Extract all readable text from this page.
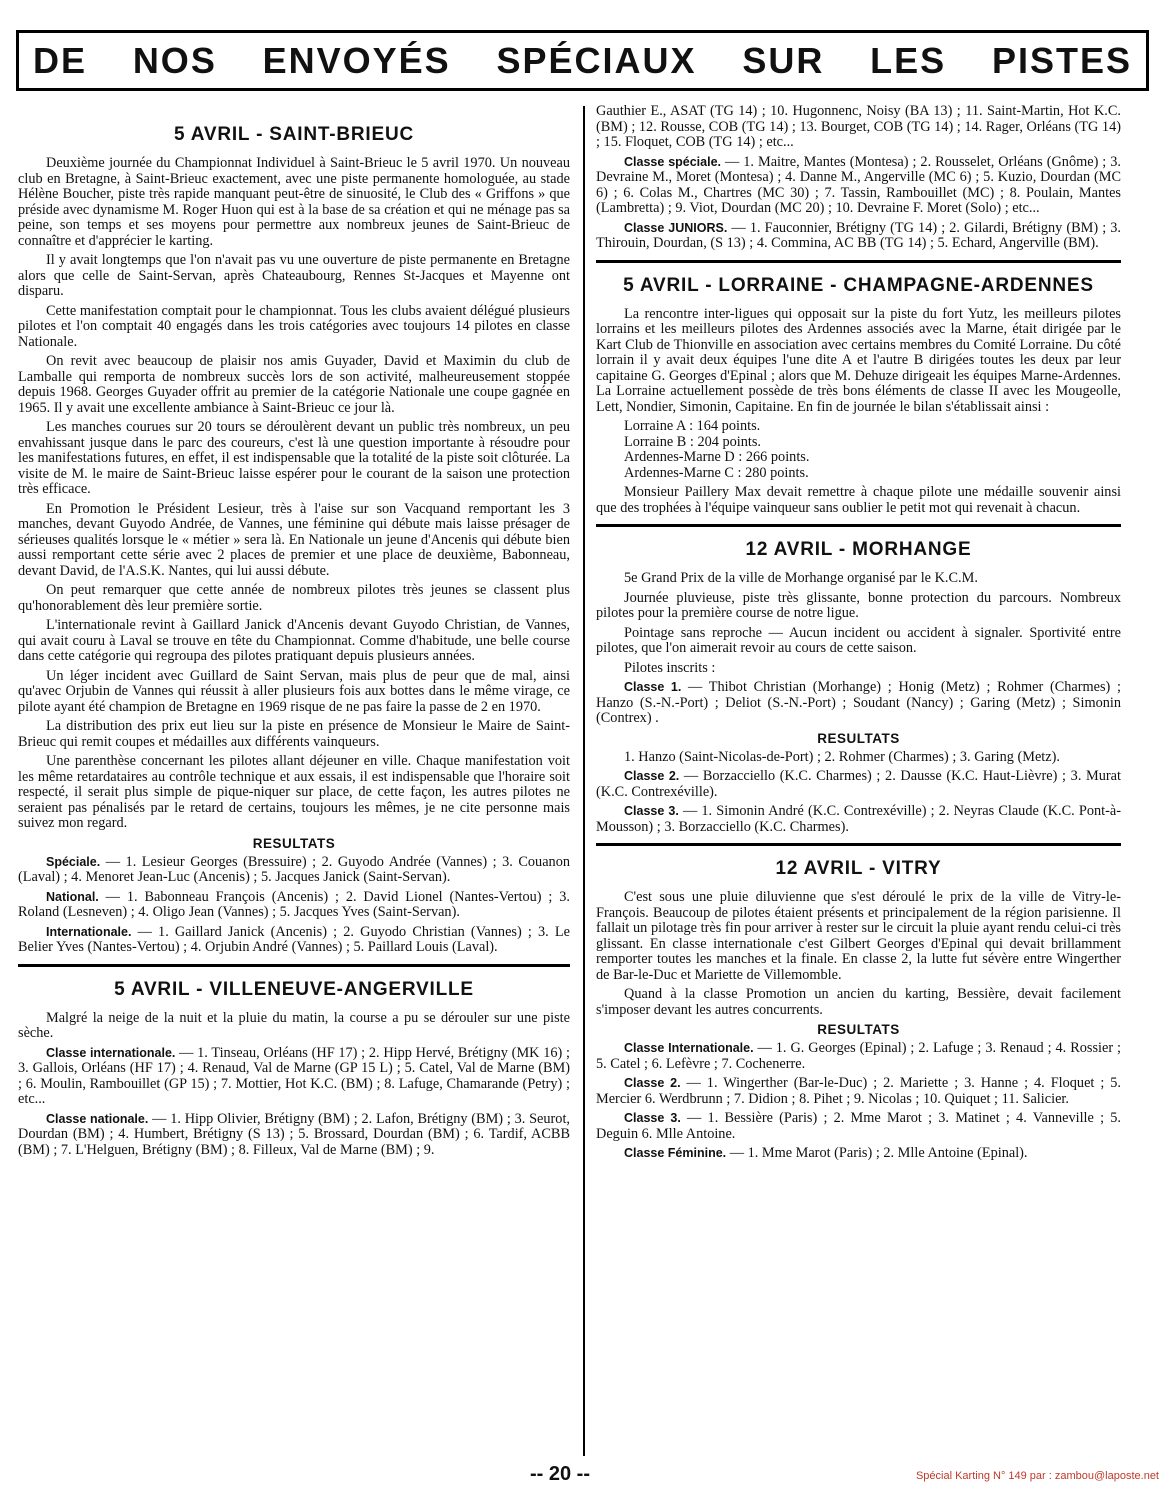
DE NOS ENVOYÉS SPÉCIAUX SUR LES PISTES
5 AVRIL - SAINT-BRIEUC

Deuxième journée du Championnat Individuel à Saint-Brieuc le 5 avril 1970. Un nouveau club en Bretagne, à Saint-Brieuc exactement, avec une piste permanente homologuée, au stade Hélène Boucher, piste très rapide manquant peut-être de sinuosité, le Club des « Griffons » que préside avec dynamisme M. Roger Huon qui est à la base de sa création et qui ne ménage pas sa peine, son temps et ses moyens pour permettre aux nombreux jeunes de Saint-Brieuc de connaître et d'apprécier le karting.

Il y avait longtemps que l'on n'avait pas vu une ouverture de piste permanente en Bretagne alors que celle de Saint-Servan, après Chateaubourg, Rennes St-Jacques et Mayenne ont disparu.

Cette manifestation comptait pour le championnat. Tous les clubs avaient délégué plusieurs pilotes et l'on comptait 40 engagés dans les trois catégories avec toujours 14 pilotes en classe Nationale.

On revit avec beaucoup de plaisir nos amis Guyader, David et Maximin du club de Lamballe qui remporta de nombreux succès lors de son activité, malheureusement stoppée depuis 1968. Georges Guyader offrit au premier de la catégorie Nationale une coupe gagnée en 1965. Il y avait une excellente ambiance à Saint-Brieuc ce jour là.

Les manches courues sur 20 tours se déroulèrent devant un public très nombreux, un peu envahissant jusque dans le parc des coureurs, c'est là une question importante à résoudre pour les manifestations futures, en effet, il est indispensable que la totalité de la piste soit clôturée. La visite de M. le maire de Saint-Brieuc laisse espérer pour le courant de la saison une protection très efficace.

En Promotion le Président Lesieur, très à l'aise sur son Vacquand remportant les 3 manches, devant Guyodo Andrée, de Vannes, une féminine qui débute mais laisse présager de sérieuses qualités lorsque le « métier » sera là. En Nationale un jeune d'Ancenis qui débute bien aussi remportant cette série avec 2 places de premier et une place de deuxième, Babonneau, devant David, de l'A.S.K. Nantes, qui lui aussi débute.

On peut remarquer que cette année de nombreux pilotes très jeunes se classent plus qu'honorablement dès leur première sortie.

L'internationale revint à Gaillard Janick d'Ancenis devant Guyodo Christian, de Vannes, qui avait couru à Laval se trouve en tête du Championnat. Comme d'habitude, une belle course dans cette catégorie qui regroupa des pilotes pratiquant depuis plusieurs années.

Un léger incident avec Guillard de Saint Servan, mais plus de peur que de mal, ainsi qu'avec Orjubin de Vannes qui réussit à aller plusieurs fois aux bottes dans le même virage, ce pilote ayant été champion de Bretagne en 1969 risque de ne pas faire la passe de 2 en 1970.

La distribution des prix eut lieu sur la piste en présence de Monsieur le Maire de Saint-Brieuc qui remit coupes et médailles aux différents vainqueurs.

Une parenthèse concernant les pilotes allant déjeuner en ville. Chaque manifestation voit les même retardataires au contrôle technique et aux essais, il est indispensable que l'horaire soit respecté, il serait plus simple de pique-niquer sur place, de cette façon, les autres pilotes ne seraient pas pénalisés par le retard de certains, toujours les mêmes, je ne cite personne mais suivez mon regard.

RESULTATS

Spéciale. — 1. Lesieur Georges (Bressuire) ; 2. Guyodo Andrée (Vannes) ; 3. Couanon (Laval) ; 4. Menoret Jean-Luc (Ancenis) ; 5. Jacques Janick (Saint-Servan).

National. — 1. Babonneau François (Ancenis) ; 2. David Lionel (Nantes-Vertou) ; 3. Roland (Lesneven) ; 4. Oligo Jean (Vannes) ; 5. Jacques Yves (Saint-Servan).

Internationale. — 1. Gaillard Janick (Ancenis) ; 2. Guyodo Christian (Vannes) ; 3. Le Belier Yves (Nantes-Vertou) ; 4. Orjubin André (Vannes) ; 5. Paillard Louis (Laval).

5 AVRIL - VILLENEUVE-ANGERVILLE

Malgré la neige de la nuit et la pluie du matin, la course a pu se dérouler sur une piste sèche.

Classe internationale. — 1. Tinseau, Orléans (HF 17) ; 2. Hipp Hervé, Brétigny (MK 16) ; 3. Gallois, Orléans (HF 17) ; 4. Renaud, Val de Marne (GP 15 L) ; 5. Catel, Val de Marne (BM) ; 6. Moulin, Rambouillet (GP 15) ; 7. Mottier, Hot K.C. (BM) ; 8. Lafuge, Chamarande (Petry) ; etc...

Classe nationale. — 1. Hipp Olivier, Brétigny (BM) ; 2. Lafon, Brétigny (BM) ; 3. Seurot, Dourdan (BM) ; 4. Humbert, Brétigny (S 13) ; 5. Brossard, Dourdan (BM) ; 6. Tardif, ACBB (BM) ; 7. L'Helguen, Brétigny (BM) ; 8. Filleux, Val de Marne (BM) ; 9.

Gauthier E., ASAT (TG 14) ; 10. Hugonnenc, Noisy (BA 13) ; 11. Saint-Martin, Hot K.C. (BM) ; 12. Rousse, COB (TG 14) ; 13. Bourget, COB (TG 14) ; 14. Rager, Orléans (TG 14) ; 15. Floquet, COB (TG 14) ; etc...

Classe spéciale. — 1. Maitre, Mantes (Montesa) ; 2. Rousselet, Orléans (Gnôme) ; 3. Devraine M., Moret (Montesa) ; 4. Danne M., Angerville (MC 6) ; 5. Kuzio, Dourdan (MC 6) ; 6. Colas M., Chartres (MC 30) ; 7. Tassin, Rambouillet (MC) ; 8. Poulain, Mantes (Lambretta) ; 9. Viot, Dourdan (MC 20) ; 10. Devraine F. Moret (Solo) ; etc...

Classe JUNIORS. — 1. Fauconnier, Brétigny (TG 14) ; 2. Gilardi, Brétigny (BM) ; 3. Thirouin, Dourdan, (S 13) ; 4. Commina, AC BB (TG 14) ; 5. Echard, Angerville (BM).

5 AVRIL - LORRAINE - CHAMPAGNE-ARDENNES

La rencontre inter-ligues qui opposait sur la piste du fort Yutz, les meilleurs pilotes lorrains et les meilleurs pilotes des Ardennes associés avec la Marne, était dirigée par le Kart Club de Thionville en association avec certains membres du Comité Lorraine. Du côté lorrain il y avait deux équipes l'une dite A et l'autre B dirigées toutes les deux par leur capitaine G. Georges d'Epinal ; alors que M. Dehuze dirigeait les équipes Marne-Ardennes. La Lorraine actuellement possède de très bons éléments de classe II avec les Mougeolle, Lett, Nondier, Simonin, Capitaine. En fin de journée le bilan s'établissait ainsi :

Lorraine A : 164 points.
Lorraine B : 204 points.
Ardennes-Marne D : 266 points.
Ardennes-Marne C : 280 points.

Monsieur Paillery Max devait remettre à chaque pilote une médaille souvenir ainsi que des trophées à l'équipe vainqueur sans oublier le petit mot qui revenait à chacun.

12 AVRIL - MORHANGE

5e Grand Prix de la ville de Morhange organisé par le K.C.M.

Journée pluvieuse, piste très glissante, bonne protection du parcours. Nombreux pilotes pour la première course de notre ligue.

Pointage sans reproche — Aucun incident ou accident à signaler. Sportivité entre pilotes, que l'on aimerait revoir au cours de cette saison.

Pilotes inscrits :

Classe 1. — Thibot Christian (Morhange) ; Honig (Metz) ; Rohmer (Charmes) ; Hanzo (S.-N.-Port) ; Deliot (S.-N.-Port) ; Soudant (Nancy) ; Garing (Metz) ; Simonin (Contrex) .

RESULTATS

1. Hanzo (Saint-Nicolas-de-Port) ; 2. Rohmer (Charmes) ; 3. Garing (Metz).

Classe 2. — Borzacciello (K.C. Charmes) ; 2. Dausse (K.C. Haut-Lièvre) ; 3. Murat (K.C. Contrexéville).

Classe 3. — 1. Simonin André (K.C. Contrexéville) ; 2. Neyras Claude (K.C. Pont-à-Mousson) ; 3. Borzacciello (K.C. Charmes).

12 AVRIL - VITRY

C'est sous une pluie diluvienne que s'est déroulé le prix de la ville de Vitry-le-François. Beaucoup de pilotes étaient présents et principalement de la région parisienne. Il fallait un pilotage très fin pour arriver à rester sur le circuit la pluie ayant rendu celui-ci très glissant. En classe internationale c'est Gilbert Georges d'Epinal qui devait brillamment remporter toutes les manches et la finale. En classe 2, la lutte fut sévère entre Wingerther de Bar-le-Duc et Mariette de Villemomble.

Quand à la classe Promotion un ancien du karting, Bessière, devait facilement s'imposer devant les autres concurrents.

RESULTATS

Classe Internationale. — 1. G. Georges (Epinal) ; 2. Lafuge ; 3. Renaud ; 4. Rossier ; 5. Catel ; 6. Lefèvre ; 7. Cochenerre.

Classe 2. — 1. Wingerther (Bar-le-Duc) ; 2. Mariette ; 3. Hanne ; 4. Floquet ; 5. Mercier 6. Werdbrunn ; 7. Didion ; 8. Pihet ; 9. Nicolas ; 10. Quiquet ; 11. Salicier.

Classe 3. — 1. Bessière (Paris) ; 2. Mme Marot ; 3. Matinet ; 4. Vanneville ; 5. Deguin 6. Mlle Antoine.

Classe Féminine. — 1. Mme Marot (Paris) ; 2. Mlle Antoine (Epinal).

-- 20 --	Spécial Karting N° 149 par : zambou@laposte.net
